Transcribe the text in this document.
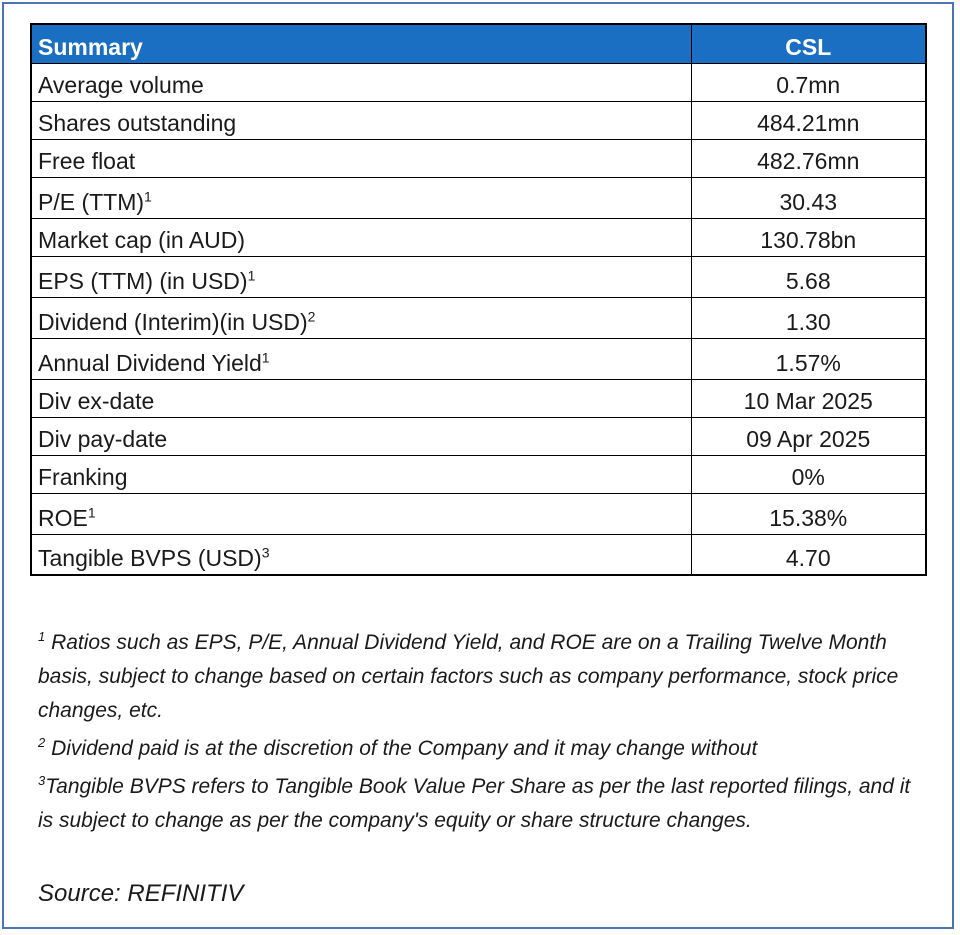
Summary	CSL
Average volume	0.7mn
Shares outstanding	484.21mn
Free float	482.76mn
P/E (TTM)$^1$	30.43
Market cap (in AUD)	130.78bn
EPS (TTM) (in USD)$^1$	5.68
Dividend (Interim)(in USD)$^2$	1.30
Annual Dividend Yield$^1$	1.57%
Div ex-date	10 Mar 2025
Div pay-date	09 Apr 2025
Franking	0%
ROE$^1$	15.38%
Tangible BVPS (USD)$^3$	4.70

$^1$ Ratios such as EPS, P/E, Annual Dividend Yield, and ROE are on a Trailing Twelve Month basis, subject to change based on certain factors such as company performance, stock price changes, etc.

$^2$ Dividend paid is at the discretion of the Company and it may change without

$^3$Tangible BVPS refers to Tangible Book Value Per Share as per the last reported filings, and it is subject to change as per the company's equity or share structure changes.

Source: REFINITIV
